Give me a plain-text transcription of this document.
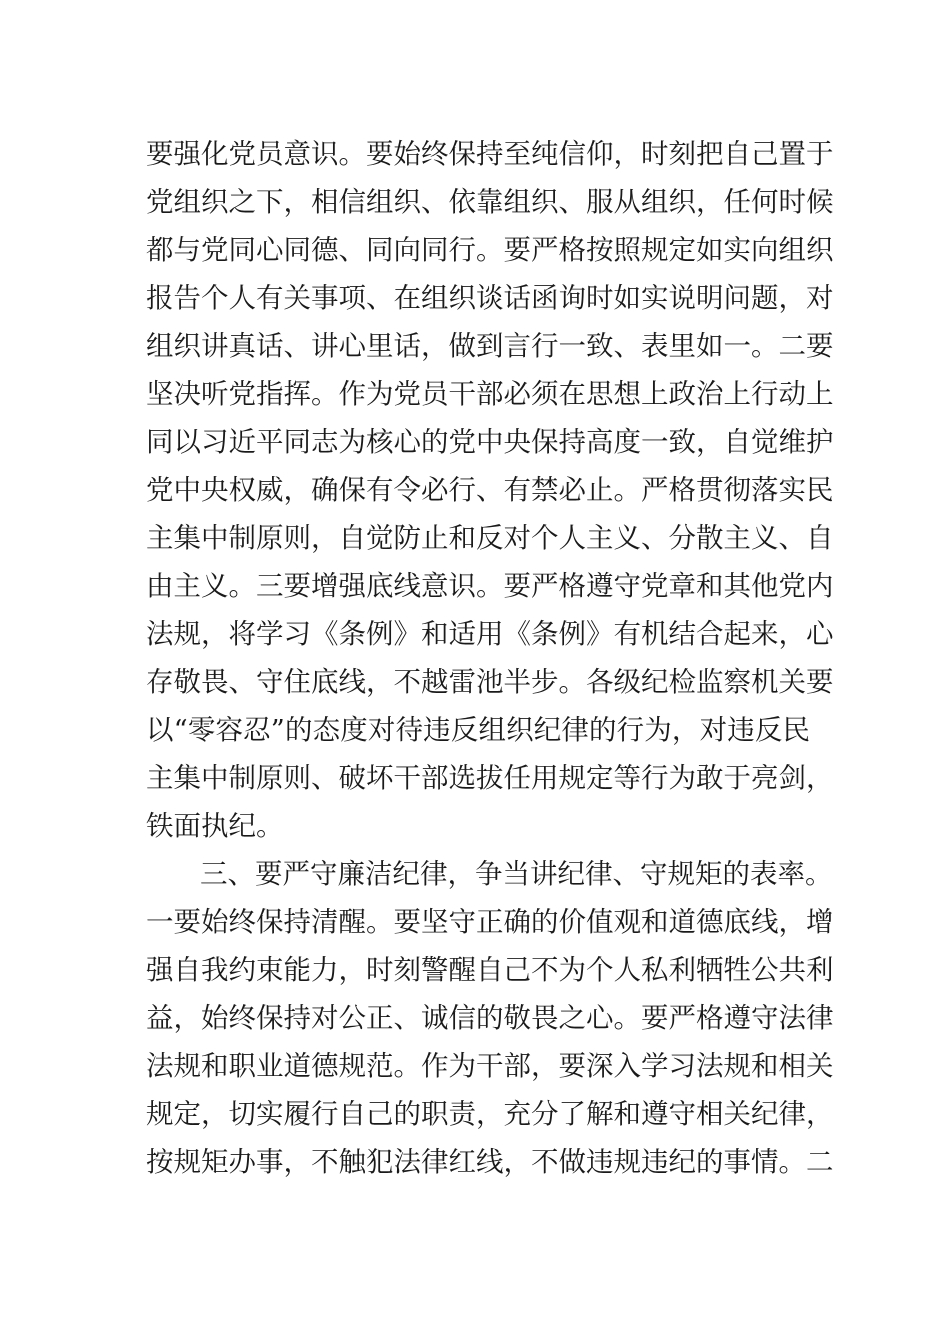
要强化党员意识。要始终保持至纯信仰，时刻把自己置于
党组织之下，相信组织、依靠组织、服从组织，任何时候
都与党同心同德、同向同行。要严格按照规定如实向组织
报告个人有关事项、在组织谈话函询时如实说明问题，对
组织讲真话、讲心里话，做到言行一致、表里如一。二要
坚决听党指挥。作为党员干部必须在思想上政治上行动上
同以习近平同志为核心的党中央保持高度一致，自觉维护
党中央权威，确保有令必行、有禁必止。严格贯彻落实民
主集中制原则，自觉防止和反对个人主义、分散主义、自
由主义。三要增强底线意识。要严格遵守党章和其他党内
法规，将学习《条例》和适用《条例》有机结合起来，心
存敬畏、守住底线，不越雷池半步。各级纪检监察机关要
以“零容忍”的态度对待违反组织纪律的行为，对违反民
主集中制原则、破坏干部选拔任用规定等行为敢于亮剑，
铁面执纪。
三、要严守廉洁纪律，争当讲纪律、守规矩的表率。
一要始终保持清醒。要坚守正确的价值观和道德底线，增
强自我约束能力，时刻警醒自己不为个人私利牺牲公共利
益，始终保持对公正、诚信的敬畏之心。要严格遵守法律
法规和职业道德规范。作为干部，要深入学习法规和相关
规定，切实履行自己的职责，充分了解和遵守相关纪律，
按规矩办事，不触犯法律红线，不做违规违纪的事情。二
